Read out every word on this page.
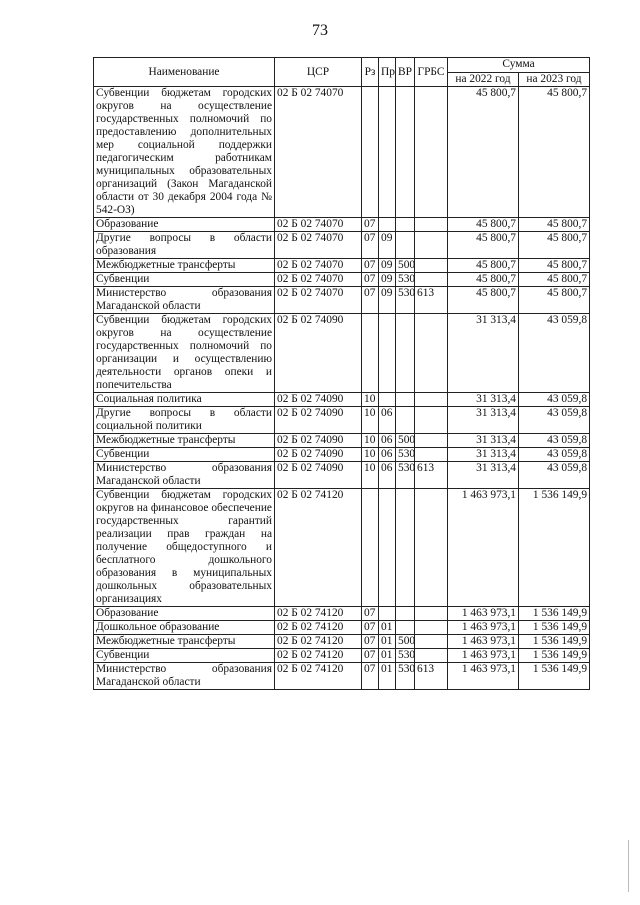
73
Наименование	ЦСР	Рз	Пр	ВР	ГРБС	Сумма	
						на 2022 год	на 2023 год
Субвенции бюджетам городских округов на осуществление государственных полномочий по предоставлению дополнительных мер социальной поддержки педагогическим работникам муниципальных образовательных организаций (Закон Магаданской области от 30 декабря 2004 года № 542-ОЗ)	02 Б 02 74070					45 800,7	45 800,7
Образование	02 Б 02 74070	07				45 800,7	45 800,7
Другие вопросы в области образования	02 Б 02 74070	07	09			45 800,7	45 800,7
Межбюджетные трансферты	02 Б 02 74070	07	09	500		45 800,7	45 800,7
Субвенции	02 Б 02 74070	07	09	530		45 800,7	45 800,7
Министерство образования Магаданской области	02 Б 02 74070	07	09	530	613	45 800,7	45 800,7
Субвенции бюджетам городских округов на осуществление государственных полномочий по организации и осуществлению деятельности органов опеки и попечительства	02 Б 02 74090					31 313,4	43 059,8
Социальная политика	02 Б 02 74090	10				31 313,4	43 059,8
Другие вопросы в области социальной политики	02 Б 02 74090	10	06			31 313,4	43 059,8
Межбюджетные трансферты	02 Б 02 74090	10	06	500		31 313,4	43 059,8
Субвенции	02 Б 02 74090	10	06	530		31 313,4	43 059,8
Министерство образования Магаданской области	02 Б 02 74090	10	06	530	613	31 313,4	43 059,8
Субвенции бюджетам городских округов на финансовое обеспечение государственных гарантий реализации прав граждан на получение общедоступного и бесплатного дошкольного образования в муниципальных дошкольных образовательных организациях	02 Б 02 74120					1 463 973,1	1 536 149,9
Образование	02 Б 02 74120	07				1 463 973,1	1 536 149,9
Дошкольное образование	02 Б 02 74120	07	01			1 463 973,1	1 536 149,9
Межбюджетные трансферты	02 Б 02 74120	07	01	500		1 463 973,1	1 536 149,9
Субвенции	02 Б 02 74120	07	01	530		1 463 973,1	1 536 149,9
Министерство образования Магаданской области	02 Б 02 74120	07	01	530	613	1 463 973,1	1 536 149,9
